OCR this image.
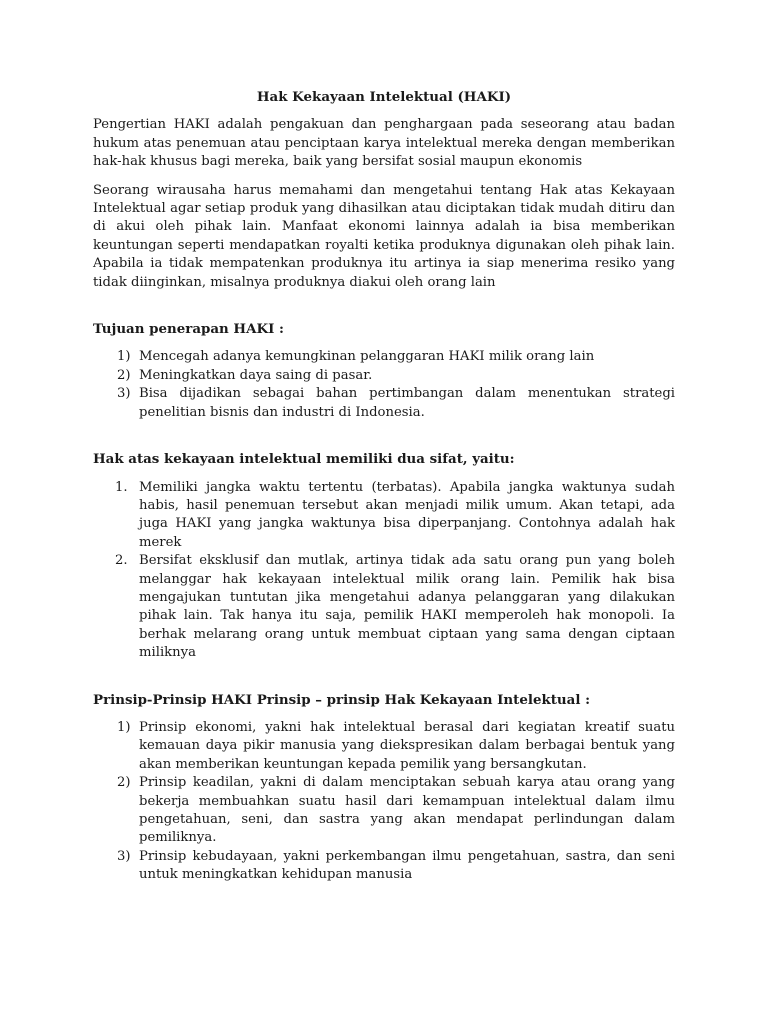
Hak Kekayaan Intelektual (HAKI)

Pengertian HAKI adalah pengakuan dan penghargaan pada seseorang atau badan hukum atas penemuan atau penciptaan karya intelektual mereka dengan memberikan hak-hak khusus bagi mereka, baik yang bersifat sosial maupun ekonomis

Seorang wirausaha harus memahami dan mengetahui tentang Hak atas Kekayaan Intelektual agar setiap produk yang dihasilkan atau diciptakan tidak mudah ditiru dan di akui oleh pihak lain. Manfaat ekonomi lainnya adalah ia bisa memberikan keuntungan seperti mendapatkan royalti ketika produknya digunakan oleh pihak lain. Apabila ia tidak mempatenkan produknya itu artinya ia siap menerima resiko yang tidak diinginkan, misalnya produknya diakui oleh orang lain

Tujuan penerapan HAKI :
1) Mencegah adanya kemungkinan pelanggaran HAKI milik orang lain
2) Meningkatkan daya saing di pasar.
3) Bisa dijadikan sebagai bahan pertimbangan dalam menentukan strategi penelitian bisnis dan industri di Indonesia.
Hak atas kekayaan intelektual memiliki dua sifat, yaitu:
1. Memiliki jangka waktu tertentu (terbatas). Apabila jangka waktunya sudah habis, hasil penemuan tersebut akan menjadi milik umum. Akan tetapi, ada juga HAKI yang jangka waktunya bisa diperpanjang. Contohnya adalah hak merek
2. Bersifat eksklusif dan mutlak, artinya tidak ada satu orang pun yang boleh melanggar hak kekayaan intelektual milik orang lain. Pemilik hak bisa mengajukan tuntutan jika mengetahui adanya pelanggaran yang dilakukan pihak lain. Tak hanya itu saja, pemilik HAKI memperoleh hak monopoli. Ia berhak melarang orang untuk membuat ciptaan yang sama dengan ciptaan miliknya
Prinsip-Prinsip HAKI Prinsip – prinsip Hak Kekayaan Intelektual :
1) Prinsip ekonomi, yakni hak intelektual berasal dari kegiatan kreatif suatu kemauan daya pikir manusia yang diekspresikan dalam berbagai bentuk yang akan memberikan keuntungan kepada pemilik yang bersangkutan.
2) Prinsip keadilan, yakni di dalam menciptakan sebuah karya atau orang yang bekerja membuahkan suatu hasil dari kemampuan intelektual dalam ilmu pengetahuan, seni, dan sastra yang akan mendapat perlindungan dalam pemiliknya.
3) Prinsip kebudayaan, yakni perkembangan ilmu pengetahuan, sastra, dan seni untuk meningkatkan kehidupan manusia
